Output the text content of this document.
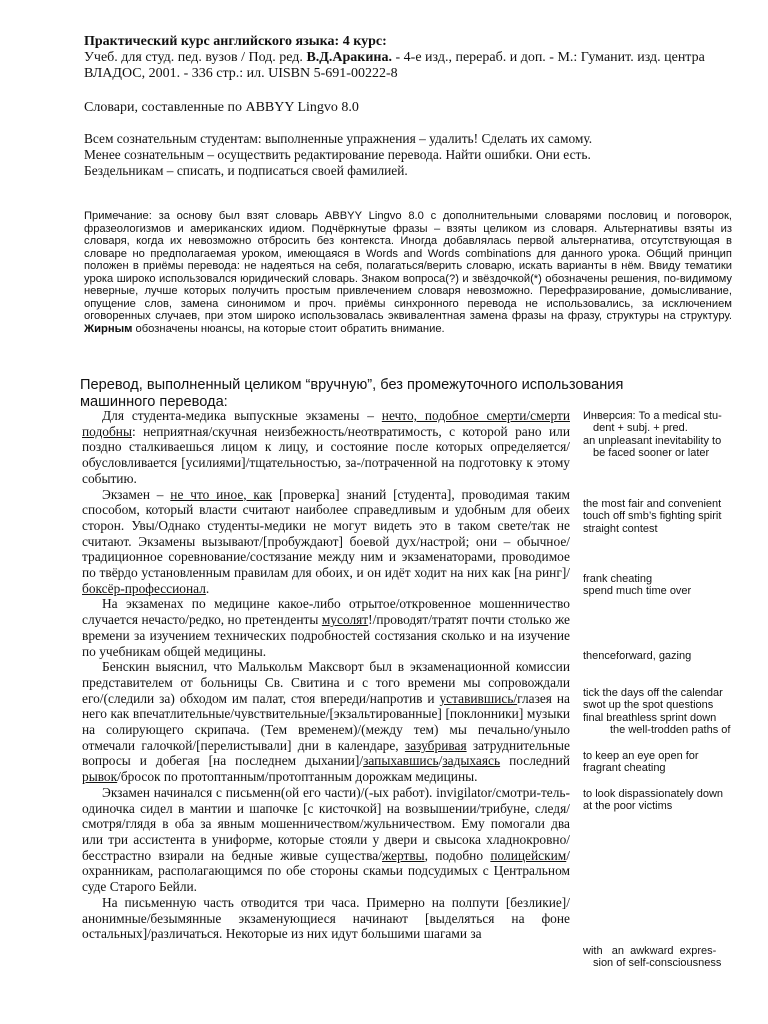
Практический курс английского языка: 4 курс:
Учеб. для студ. пед. вузов / Под. ред. В.Д.Аракина. - 4-е изд., перераб. и доп. - М.: Гуманит. изд. центра ВЛАДОС, 2001. - 336 стр.: ил. UISBN 5-691-00222-8
Словари, составленные по ABBYY Lingvo 8.0
Всем сознательным студентам: выполненные упражнения – удалить! Сделать их самому.
Менее сознательным – осуществить редактирование перевода. Найти ошибки. Они есть.
Бездельникам – списать, и подписаться своей фамилией.
Примечание: за основу был взят словарь ABBYY Lingvo 8.0 с дополнительными словарями пословиц и поговорок, фразеологизмов и американских идиом. Подчёркнутые фразы – взяты целиком из словаря. Альтернативы взяты из словаря, когда их невозможно отбросить без контекста. Иногда добавлялась первой альтернатива, отсутствующая в словаре но предполагаемая уроком, имеющаяся в Words and Words combinations для данного урока. Общий принцип положен в приёмы перевода: не надеяться на себя, полагаться/верить словарю, искать варианты в нём. Ввиду тематики урока широко использовался юридический словарь. Знаком вопроса(?) и звёздочкой(*) обозначены решения, по-видимому неверные, лучше которых получить простым привлечением словаря невозможно. Перефразирование, домысливание, опущение слов, замена синонимом и проч. приёмы синхронного перевода не использовались, за исключением оговоренных случаев, при этом широко использовалась эквивалентная замена фразы на фразу, структуры на структуру. Жирным обозначены нюансы, на которые стоит обратить внимание.
Перевод, выполненный целиком “вручную”, без промежуточного использования машинного перевода:

Для студента-медика выпускные экзамены – нечто, подобное смерти/смерти подобны: неприятная/скучная неизбежность/неотвратимость, с которой рано или поздно сталкиваешься лицом к лицу, и состояние после которых определяется/ обусловливается [усилиями]/тщательностью, за-/потраченной на подготовку к этому событию.

Экзамен – не что иное, как [проверка] знаний [студента], проводимая таким способом, который власти считают наиболее справедливым и удобным для обеих сторон. Увы/Однако студенты-медики не могут видеть это в таком свете/так не считают. Экзамены вызывают/[пробуждают] боевой дух/настрой; они – обычное/традиционное соревнование/состязание между ним и экзаменаторами, проводимое по твёрдо установленным правилам для обоих, и он идёт ходит на них как [на ринг]/боксёр-профессионал.

На экзаменах по медицине какое-либо отрытое/откровенное мошенничество случается нечасто/редко, но претенденты мусолят!/проводят/тратят почти столько же времени за изучением технических подробностей состязания сколько и на изучение по учебникам общей медицины.

Бенскин выяснил, что Малькольм Максворт был в экзаменационной комиссии представителем от больницы Св. Свитина и с того времени мы сопровождали его/(следили за) обходом им палат, стоя впереди/напротив и уставившись/глазея на него как впечатлительные/чувствительные/[экзальтированные] [поклонники] музыки на солирующего скрипача. (Тем временем)/(между тем) мы печально/уныло отмечали галочкой/[перелистывали] дни в календаре, зазубривая затруднительные вопросы и добегая [на последнем дыхании]/запыхавшись/задыхаясь последний рывок/бросок по протоптанным/протоптанным дорожкам медицины.

Экзамен начинался с письменн(ой его части)/(-ых работ). invigilator/смотри-тель-одиночка сидел в мантии и шапочке [с кисточкой] на возвышении/трибуне, следя/смотря/глядя в оба за явным мошенничеством/жульничеством. Ему помогали два или три ассистента в униформе, которые стояли у двери и свысока хладнокровно/бесстрастно взирали на бедные живые существа/жертвы, подобно полицейским/охранникам, располагающимся по обе стороны скамьи подсудимых с Центральном суде Старого Бейли.

На письменную часть отводится три часа. Примерно на полпути [безликие]/анонимные/безымянные экзаменующиеся начинают [выделяться на фоне остальных]/различаться. Некоторые из них идут большими шагами за

Инверсия: To a medical stu-
dent + subj. + pred.
an unpleasant inevitability to
be faced sooner or later
the most fair and convenient
touch off smb’s fighting spirit
straight contest
frank cheating
spend much time over
thenceforward, gazing
tick the days off the calendar
swot up the spot questions
final breathless sprint down
the well-trodden paths of
to keep an eye open for
fragrant cheating
to look dispassionately down
at the poor victims
with   an  awkward  expres-
sion of self-consciousness
